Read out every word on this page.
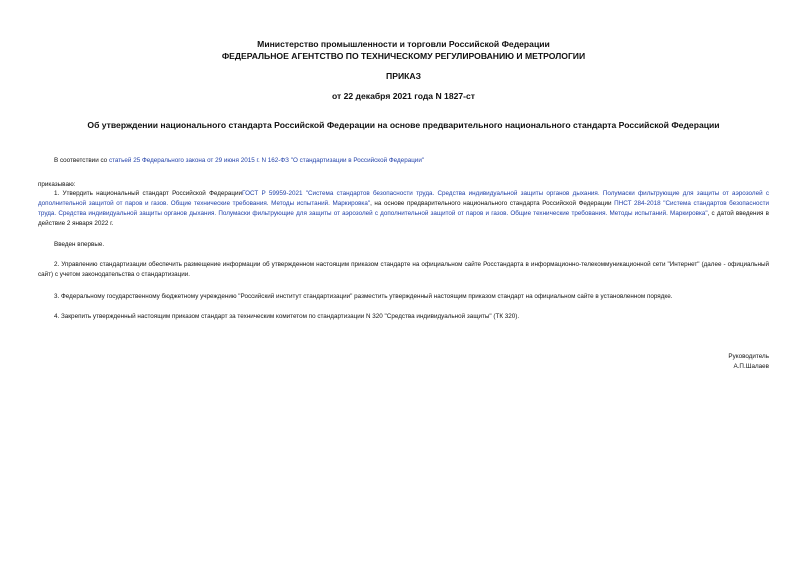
Министерство промышленности и торговли Российской Федерации
ФЕДЕРАЛЬНОЕ АГЕНТСТВО ПО ТЕХНИЧЕСКОМУ РЕГУЛИРОВАНИЮ И МЕТРОЛОГИИ
ПРИКАЗ
от 22 декабря 2021 года N 1827-ст
Об утверждении национального стандарта Российской Федерации на основе предварительного национального стандарта Российской Федерации
В соответствии со статьей 25 Федерального закона от 29 июня 2015 г. N 162-ФЗ "О стандартизации в Российской Федерации"
приказываю:
1. Утвердить национальный стандарт Российской ФедерацииГОСТ Р 59959-2021 "Система стандартов безопасности труда. Средства индивидуальной защиты органов дыхания. Полумаски фильтрующие для защиты от аэрозолей с дополнительной защитой от паров и газов. Общие технические требования. Методы испытаний. Маркировка", на основе предварительного национального стандарта Российской Федерации ПНСТ 284-2018 "Система стандартов безопасности труда. Средства индивидуальной защиты органов дыхания. Полумаски фильтрующие для защиты от аэрозолей с дополнительной защитой от паров и газов. Общие технические требования. Методы испытаний. Маркировка", с датой введения в действие 2 января 2022 г.
Введен впервые.
2. Управлению стандартизации обеспечить размещение информации об утвержденном настоящим приказом стандарте на официальном сайте Росстандарта в информационно-телекоммуникационной сети "Интернет" (далее - официальный сайт) с учетом законодательства о стандартизации.
3. Федеральному государственному бюджетному учреждению "Российский институт стандартизации" разместить утвержденный настоящим приказом стандарт на официальном сайте в установленном порядке.
4. Закрепить утвержденный настоящим приказом стандарт за техническим комитетом по стандартизации N 320 "Средства индивидуальной защиты" (ТК 320).
Руководитель
А.П.Шалаев
